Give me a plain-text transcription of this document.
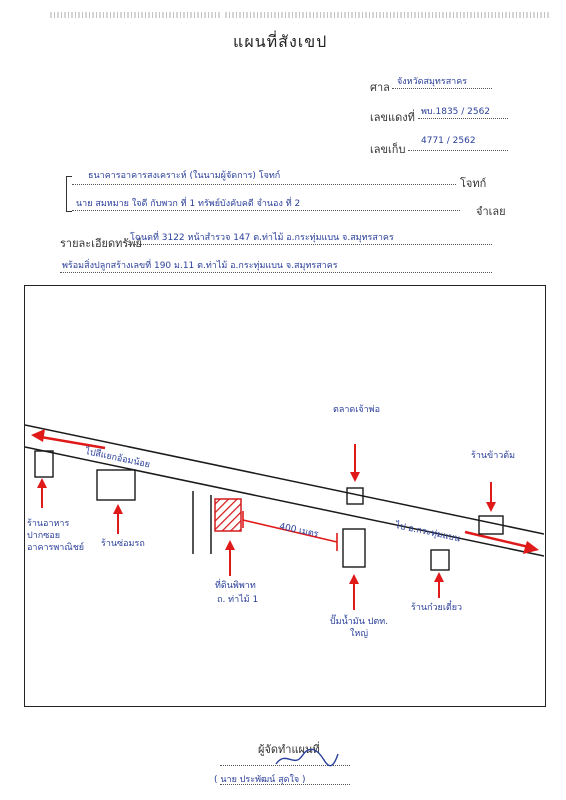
แผนที่สังเขป
ศาล จังหวัดสมุทรสาคร
เลขแดงที่ พบ.1835 / 2562
เลขเก็บ
4771 / 2562
ธนาคารอาคารสงเคราะห์ (ในนามผู้จัดการ) โจทก์
โจทก์
นาย สมหมาย ใจดี กับพวก ที่ 1 ทรัพย์บังคับคดี จำนอง ที่ 2
จำเลย
รายละเอียดทรัพย์
โฉนดที่ 3122 หน้าสำรวจ 147 ต.ท่าไม้ อ.กระทุ่มแบน จ.สมุทรสาคร
พร้อมสิ่งปลูกสร้างเลขที่ 190 ม.11 ต.ท่าไม้ อ.กระทุ่มแบน จ.สมุทรสาคร
ไปสี่แยกอ้อมน้อย
ไป อ.กระทุ่มแบน
400 เมตร
ร้านอาหาร ปากซอย อาคารพาณิชย์	ร้านซ่อมรถ
ที่ดินพิพาท
ถ. ท่าไม้ 1
ตลาดเจ้าพ่อ
ปั๊มน้ำมัน ปตท. ใหญ่
ร้านข้าวต้ม
ร้านก๋วยเตี๋ยว
ผู้จัดทำแผนที่
( นาย ประพัฒน์ สุดใจ )
